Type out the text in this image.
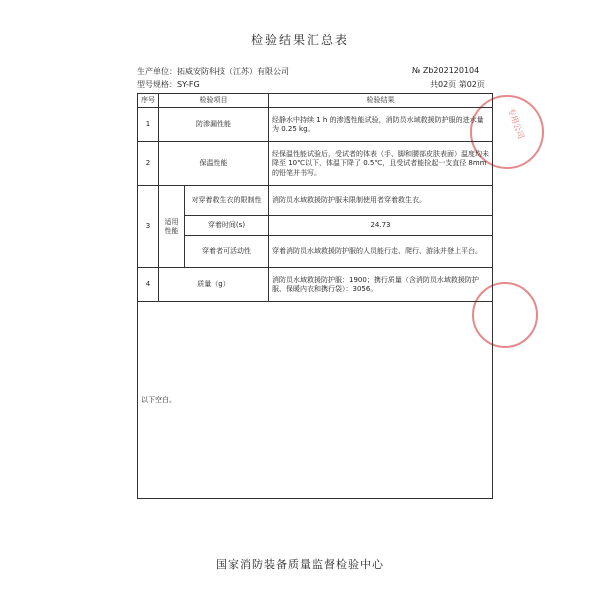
检验结果汇总表
生产单位：拓威安防科技（江苏）有限公司
型号规格：SY-FG
№ Zb202120104
共02页 第02页
专用公司
序号	检验项目		检验结果
1	防渗漏性能		经静水中持续 1 h 的渗透性能试验，消防员水域救援防护服的进水量为 0.25 kg。
2	保温性能		经保温性能试验后，受试者的体表（手、脚和腰部皮肤表面）温度均未降至 10℃以下，体温下降了 0.5℃，且受试者能捡起一支直径 8mm 的铅笔并书写。
3	适用性能	对穿着救生衣的限制性	消防员水域救援防护服未限制使用者穿着救生衣。
		穿着时间(s)	24.73
		穿着者可活动性	穿着消防员水域救援防护服的人员能行走、爬行、游泳并登上平台。
4	质量（g）		消防员水域救援防护服：1900；携行质量（含消防员水域救援防护服、保暖内衣和携行袋）：3056。
以下空白。			
国家消防装备质量监督检验中心
